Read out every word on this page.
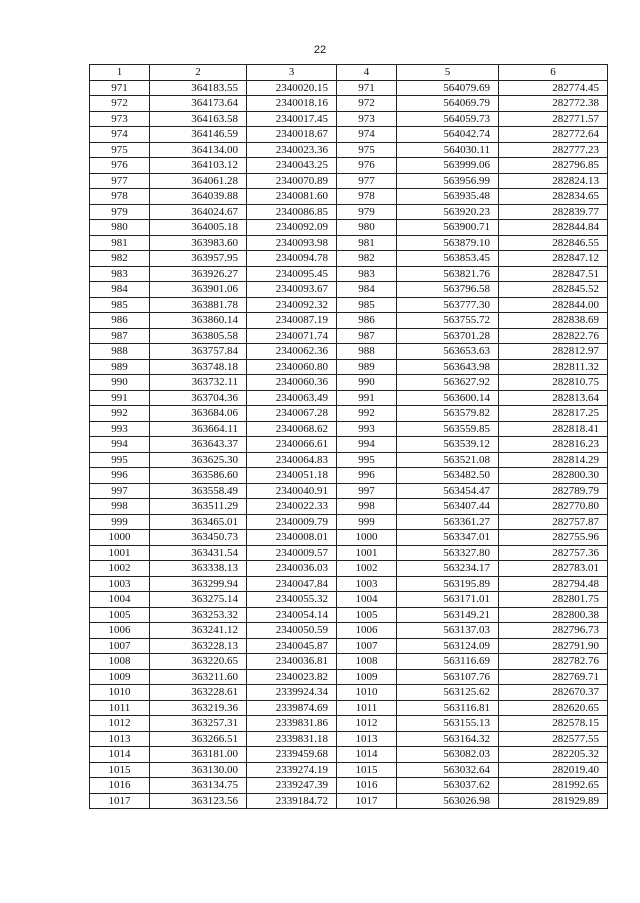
22
1	2	3	4	5	6
971	364183.55	2340020.15	971	564079.69	282774.45
972	364173.64	2340018.16	972	564069.79	282772.38
973	364163.58	2340017.45	973	564059.73	282771.57
974	364146.59	2340018.67	974	564042.74	282772.64
975	364134.00	2340023.36	975	564030.11	282777.23
976	364103.12	2340043.25	976	563999.06	282796.85
977	364061.28	2340070.89	977	563956.99	282824.13
978	364039.88	2340081.60	978	563935.48	282834.65
979	364024.67	2340086.85	979	563920.23	282839.77
980	364005.18	2340092.09	980	563900.71	282844.84
981	363983.60	2340093.98	981	563879.10	282846.55
982	363957.95	2340094.78	982	563853.45	282847.12
983	363926.27	2340095.45	983	563821.76	282847.51
984	363901.06	2340093.67	984	563796.58	282845.52
985	363881.78	2340092.32	985	563777.30	282844.00
986	363860.14	2340087.19	986	563755.72	282838.69
987	363805.58	2340071.74	987	563701.28	282822.76
988	363757.84	2340062.36	988	563653.63	282812.97
989	363748.18	2340060.80	989	563643.98	282811.32
990	363732.11	2340060.36	990	563627.92	282810.75
991	363704.36	2340063.49	991	563600.14	282813.64
992	363684.06	2340067.28	992	563579.82	282817.25
993	363664.11	2340068.62	993	563559.85	282818.41
994	363643.37	2340066.61	994	563539.12	282816.23
995	363625.30	2340064.83	995	563521.08	282814.29
996	363586.60	2340051.18	996	563482.50	282800.30
997	363558.49	2340040.91	997	563454.47	282789.79
998	363511.29	2340022.33	998	563407.44	282770.80
999	363465.01	2340009.79	999	563361.27	282757.87
1000	363450.73	2340008.01	1000	563347.01	282755.96
1001	363431.54	2340009.57	1001	563327.80	282757.36
1002	363338.13	2340036.03	1002	563234.17	282783.01
1003	363299.94	2340047.84	1003	563195.89	282794.48
1004	363275.14	2340055.32	1004	563171.01	282801.75
1005	363253.32	2340054.14	1005	563149.21	282800.38
1006	363241.12	2340050.59	1006	563137.03	282796.73
1007	363228.13	2340045.87	1007	563124.09	282791.90
1008	363220.65	2340036.81	1008	563116.69	282782.76
1009	363211.60	2340023.82	1009	563107.76	282769.71
1010	363228.61	2339924.34	1010	563125.62	282670.37
1011	363219.36	2339874.69	1011	563116.81	282620.65
1012	363257.31	2339831.86	1012	563155.13	282578.15
1013	363266.51	2339831.18	1013	563164.32	282577.55
1014	363181.00	2339459.68	1014	563082.03	282205.32
1015	363130.00	2339274.19	1015	563032.64	282019.40
1016	363134.75	2339247.39	1016	563037.62	281992.65
1017	363123.56	2339184.72	1017	563026.98	281929.89
